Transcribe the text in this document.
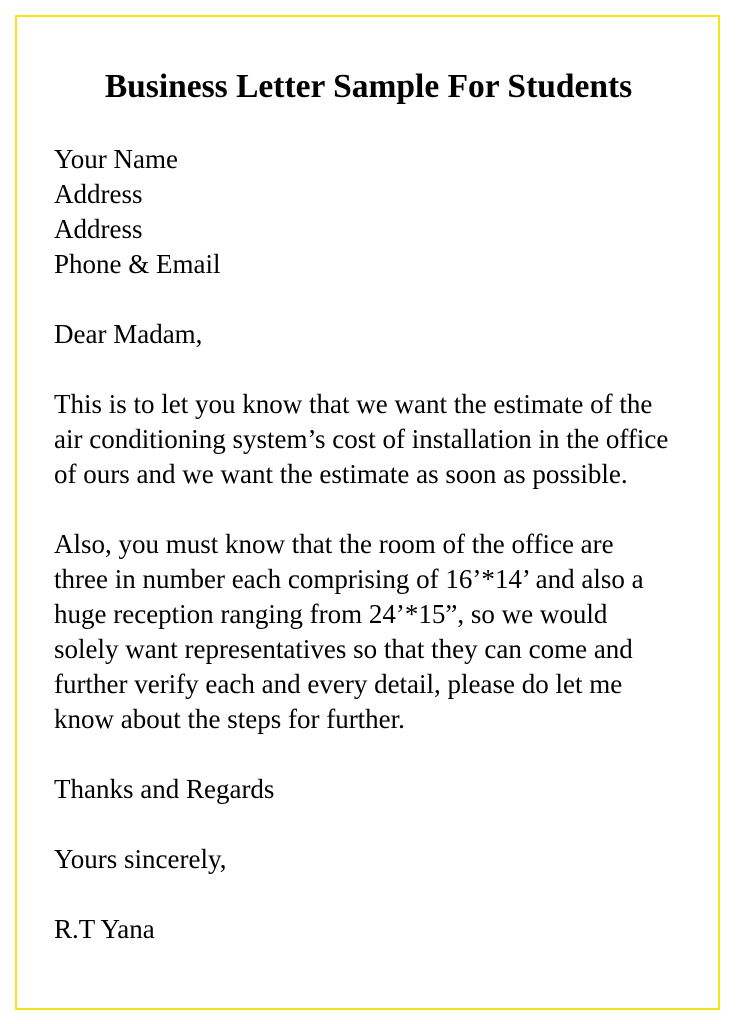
Business Letter Sample For Students
Your Name
Address
Address
Phone & Email
Dear Madam,
This is to let you know that we want the estimate of the
air conditioning system’s cost of installation in the office
of ours and we want the estimate as soon as possible.
Also, you must know that the room of the office are
three in number each comprising of 16’*14’ and also a
huge reception ranging from 24’*15”, so we would
solely want representatives so that they can come and
further verify each and every detail, please do let me
know about the steps for further.
Thanks and Regards
Yours sincerely,
R.T Yana
